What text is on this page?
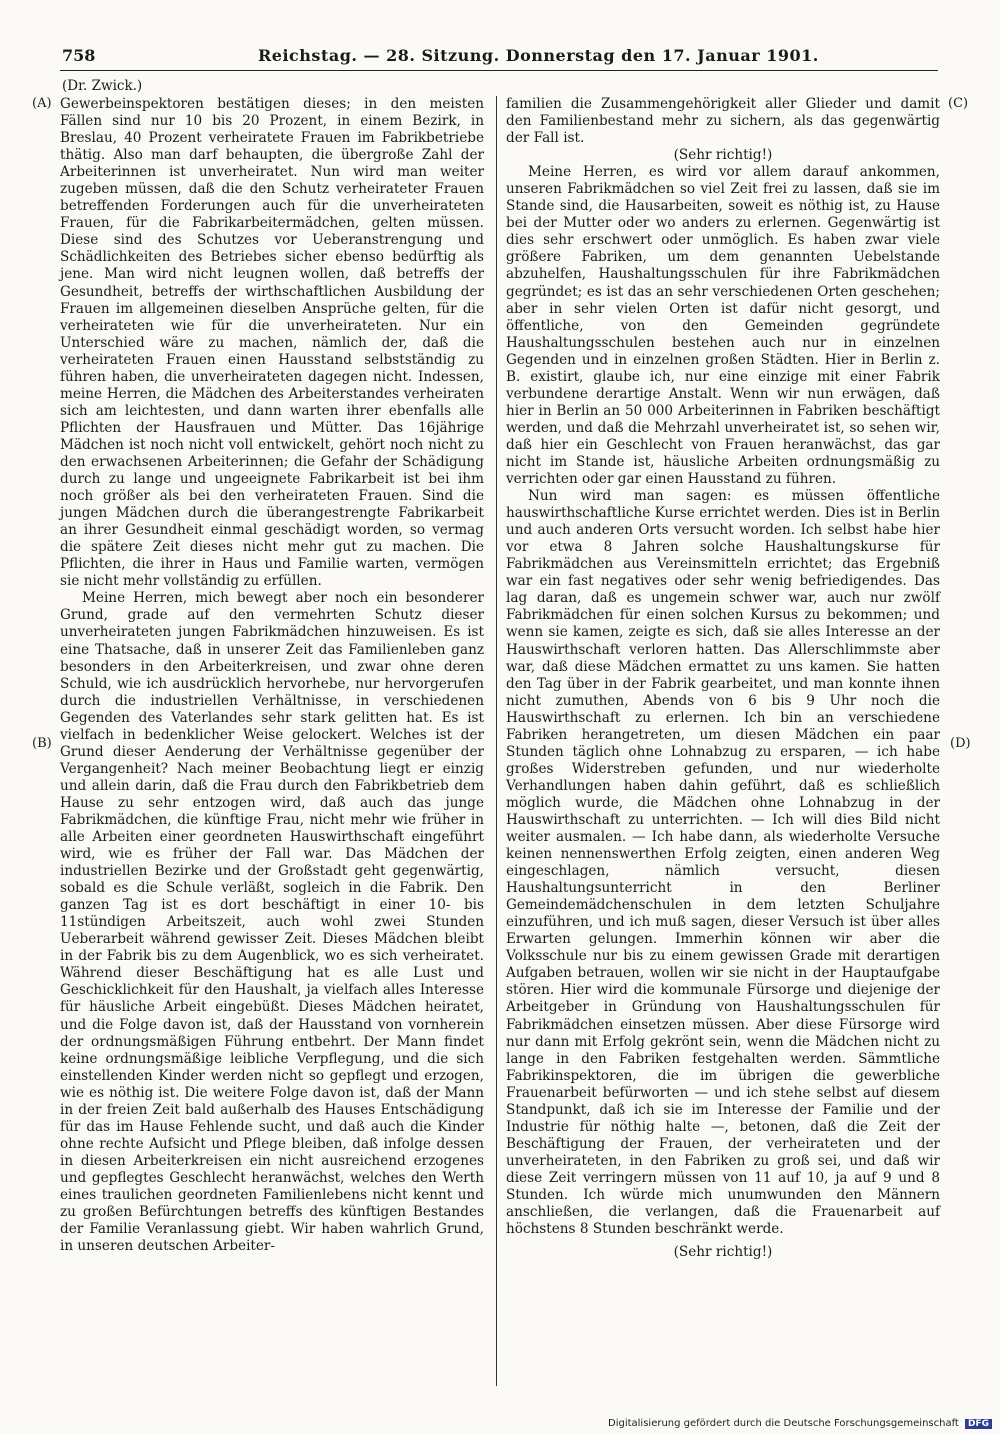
758	Reichstag. — 28. Sitzung. Donnerstag den 17. Januar 1901.
(Dr. Zwick.)
(A)
(B)
(C)
(D)

Gewerbeinspektoren bestätigen dieses; in den meisten Fällen sind nur 10 bis 20 Prozent, in einem Bezirk, in Breslau, 40 Prozent verheiratete Frauen im Fabrikbetriebe thätig. Also man darf behaupten, die übergroße Zahl der Arbeiterinnen ist unverheiratet. Nun wird man weiter zugeben müssen, daß die den Schutz verheirateter Frauen betreffenden Forderungen auch für die unverheirateten Frauen, für die Fabrikarbeitermädchen, gelten müssen. Diese sind des Schutzes vor Ueberanstrengung und Schädlichkeiten des Betriebes sicher ebenso bedürftig als jene. Man wird nicht leugnen wollen, daß betreffs der Gesundheit, betreffs der wirthschaftlichen Ausbildung der Frauen im allgemeinen dieselben Ansprüche gelten, für die verheirateten wie für die unverheirateten. Nur ein Unterschied wäre zu machen, nämlich der, daß die verheirateten Frauen einen Hausstand selbstständig zu führen haben, die unverheirateten dagegen nicht. Indessen, meine Herren, die Mädchen des Arbeiterstandes verheiraten sich am leichtesten, und dann warten ihrer ebenfalls alle Pflichten der Hausfrauen und Mütter. Das 16jährige Mädchen ist noch nicht voll entwickelt, gehört noch nicht zu den erwachsenen Arbeiterinnen; die Gefahr der Schädigung durch zu lange und ungeeignete Fabrikarbeit ist bei ihm noch größer als bei den verheirateten Frauen. Sind die jungen Mädchen durch die überangestrengte Fabrikarbeit an ihrer Gesundheit einmal geschädigt worden, so vermag die spätere Zeit dieses nicht mehr gut zu machen. Die Pflichten, die ihrer in Haus und Familie warten, vermögen sie nicht mehr vollständig zu erfüllen.

Meine Herren, mich bewegt aber noch ein besonderer Grund, grade auf den vermehrten Schutz dieser unverheirateten jungen Fabrikmädchen hinzuweisen. Es ist eine Thatsache, daß in unserer Zeit das Familienleben ganz besonders in den Arbeiterkreisen, und zwar ohne deren Schuld, wie ich ausdrücklich hervorhebe, nur hervorgerufen durch die industriellen Verhältnisse, in verschiedenen Gegenden des Vaterlandes sehr stark gelitten hat. Es ist vielfach in bedenklicher Weise gelockert. Welches ist der Grund dieser Aenderung der Verhältnisse gegenüber der Vergangenheit? Nach meiner Beobachtung liegt er einzig und allein darin, daß die Frau durch den Fabrikbetrieb dem Hause zu sehr entzogen wird, daß auch das junge Fabrikmädchen, die künftige Frau, nicht mehr wie früher in alle Arbeiten einer geordneten Hauswirthschaft eingeführt wird, wie es früher der Fall war. Das Mädchen der industriellen Bezirke und der Großstadt geht gegenwärtig, sobald es die Schule verläßt, sogleich in die Fabrik. Den ganzen Tag ist es dort beschäftigt in einer 10- bis 11stündigen Arbeitszeit, auch wohl zwei Stunden Ueberarbeit während gewisser Zeit. Dieses Mädchen bleibt in der Fabrik bis zu dem Augenblick, wo es sich verheiratet. Während dieser Beschäftigung hat es alle Lust und Geschicklichkeit für den Haushalt, ja vielfach alles Interesse für häusliche Arbeit eingebüßt. Dieses Mädchen heiratet, und die Folge davon ist, daß der Hausstand von vornherein der ordnungsmäßigen Führung entbehrt. Der Mann findet keine ordnungsmäßige leibliche Verpflegung, und die sich einstellenden Kinder werden nicht so gepflegt und erzogen, wie es nöthig ist. Die weitere Folge davon ist, daß der Mann in der freien Zeit bald außerhalb des Hauses Entschädigung für das im Hause Fehlende sucht, und daß auch die Kinder ohne rechte Aufsicht und Pflege bleiben, daß infolge dessen in diesen Arbeiterkreisen ein nicht ausreichend erzogenes und gepflegtes Geschlecht heranwächst, welches den Werth eines traulichen geordneten Familienlebens nicht kennt und zu großen Befürchtungen betreffs des künftigen Bestandes der Familie Veranlassung giebt. Wir haben wahrlich Grund, in unseren deutschen Arbeiter-

familien die Zusammengehörigkeit aller Glieder und damit den Familienbestand mehr zu sichern, als das gegenwärtig der Fall ist.

(Sehr richtig!)

Meine Herren, es wird vor allem darauf ankommen, unseren Fabrikmädchen so viel Zeit frei zu lassen, daß sie im Stande sind, die Hausarbeiten, soweit es nöthig ist, zu Hause bei der Mutter oder wo anders zu erlernen. Gegenwärtig ist dies sehr erschwert oder unmöglich. Es haben zwar viele größere Fabriken, um dem genannten Uebelstande abzuhelfen, Haushaltungsschulen für ihre Fabrikmädchen gegründet; es ist das an sehr verschiedenen Orten geschehen; aber in sehr vielen Orten ist dafür nicht gesorgt, und öffentliche, von den Gemeinden gegründete Haushaltungsschulen bestehen auch nur in einzelnen Gegenden und in einzelnen großen Städten. Hier in Berlin z. B. existirt, glaube ich, nur eine einzige mit einer Fabrik verbundene derartige Anstalt. Wenn wir nun erwägen, daß hier in Berlin an 50 000 Arbeiterinnen in Fabriken beschäftigt werden, und daß die Mehrzahl unverheiratet ist, so sehen wir, daß hier ein Geschlecht von Frauen heranwächst, das gar nicht im Stande ist, häusliche Arbeiten ordnungsmäßig zu verrichten oder gar einen Hausstand zu führen.

Nun wird man sagen: es müssen öffentliche hauswirthschaftliche Kurse errichtet werden. Dies ist in Berlin und auch anderen Orts versucht worden. Ich selbst habe hier vor etwa 8 Jahren solche Haushaltungskurse für Fabrikmädchen aus Vereinsmitteln errichtet; das Ergebniß war ein fast negatives oder sehr wenig befriedigendes. Das lag daran, daß es ungemein schwer war, auch nur zwölf Fabrikmädchen für einen solchen Kursus zu bekommen; und wenn sie kamen, zeigte es sich, daß sie alles Interesse an der Hauswirthschaft verloren hatten. Das Allerschlimmste aber war, daß diese Mädchen ermattet zu uns kamen. Sie hatten den Tag über in der Fabrik gearbeitet, und man konnte ihnen nicht zumuthen, Abends von 6 bis 9 Uhr noch die Hauswirthschaft zu erlernen. Ich bin an verschiedene Fabriken herangetreten, um diesen Mädchen ein paar Stunden täglich ohne Lohnabzug zu ersparen, — ich habe großes Widerstreben gefunden, und nur wiederholte Verhandlungen haben dahin geführt, daß es schließlich möglich wurde, die Mädchen ohne Lohnabzug in der Hauswirthschaft zu unterrichten. — Ich will dies Bild nicht weiter ausmalen. — Ich habe dann, als wiederholte Versuche keinen nennenswerthen Erfolg zeigten, einen anderen Weg eingeschlagen, nämlich versucht, diesen Haushaltungsunterricht in den Berliner Gemeindemädchenschulen in dem letzten Schuljahre einzuführen, und ich muß sagen, dieser Versuch ist über alles Erwarten gelungen. Immerhin können wir aber die Volksschule nur bis zu einem gewissen Grade mit derartigen Aufgaben betrauen, wollen wir sie nicht in der Hauptaufgabe stören. Hier wird die kommunale Fürsorge und diejenige der Arbeitgeber in Gründung von Haushaltungsschulen für Fabrikmädchen einsetzen müssen. Aber diese Fürsorge wird nur dann mit Erfolg gekrönt sein, wenn die Mädchen nicht zu lange in den Fabriken festgehalten werden. Sämmtliche Fabrikinspektoren, die im übrigen die gewerbliche Frauenarbeit befürworten — und ich stehe selbst auf diesem Standpunkt, daß ich sie im Interesse der Familie und der Industrie für nöthig halte —, betonen, daß die Zeit der Beschäftigung der Frauen, der verheirateten und der unverheirateten, in den Fabriken zu groß sei, und daß wir diese Zeit verringern müssen von 11 auf 10, ja auf 9 und 8 Stunden. Ich würde mich unumwunden den Männern anschließen, die verlangen, daß die Frauenarbeit auf höchstens 8 Stunden beschränkt werde.

(Sehr richtig!)

Digitalisierung gefördert durch die Deutsche Forschungsgemeinschaft DFG
